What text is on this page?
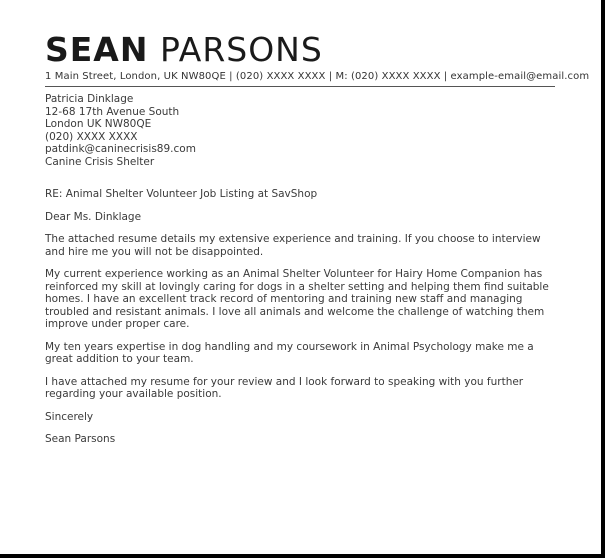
SEAN PARSONS
1 Main Street, London, UK NW80QE | (020) XXXX XXXX | M: (020) XXXX XXXX | example-email@email.com
Patricia Dinklage
12-68 17th Avenue South
London UK NW80QE
(020) XXXX XXXX
patdink@caninecrisis89.com
Canine Crisis Shelter

RE: Animal Shelter Volunteer Job Listing at SavShop

Dear Ms. Dinklage

The attached resume details my extensive experience and training. If you choose to interview
and hire me you will not be disappointed.

My current experience working as an Animal Shelter Volunteer for Hairy Home Companion has
reinforced my skill at lovingly caring for dogs in a shelter setting and helping them find suitable
homes. I have an excellent track record of mentoring and training new staff and managing
troubled and resistant animals. I love all animals and welcome the challenge of watching them
improve under proper care.

My ten years expertise in dog handling and my coursework in Animal Psychology make me a
great addition to your team.

I have attached my resume for your review and I look forward to speaking with you further
regarding your available position.

Sincerely

Sean Parsons
